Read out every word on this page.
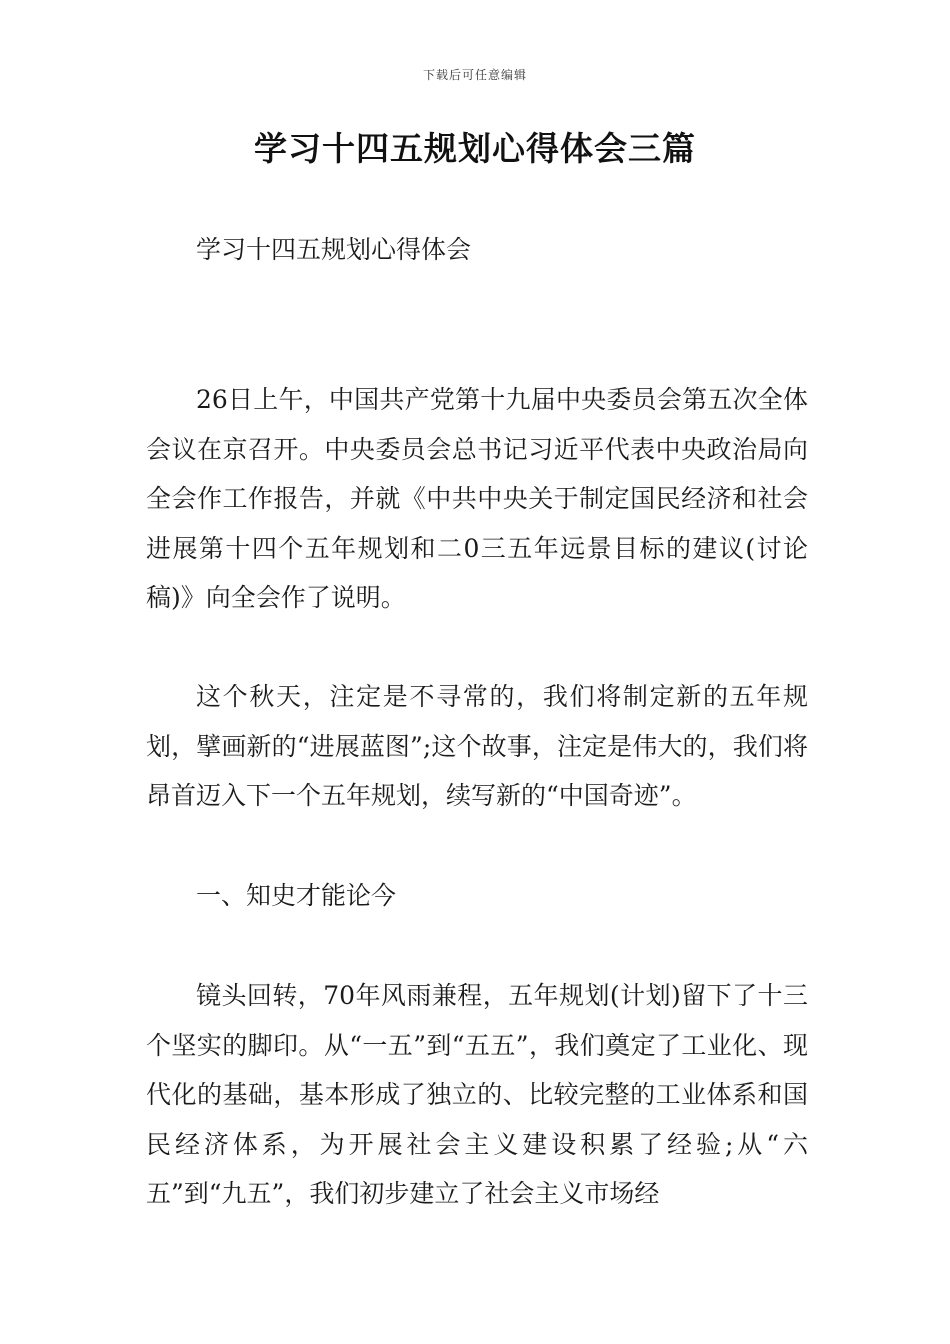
下载后可任意编辑
学习十四五规划心得体会三篇

学习十四五规划心得体会

26日上午，中国共产党第十九届中央委员会第五次全体会议在京召开。中央委员会总书记习近平代表中央政治局向全会作工作报告，并就《中共中央关于制定国民经济和社会进展第十四个五年规划和二0三五年远景目标的建议(讨论稿)》向全会作了说明。

这个秋天，注定是不寻常的，我们将制定新的五年规划，擘画新的“进展蓝图”;这个故事，注定是伟大的，我们将昂首迈入下一个五年规划，续写新的“中国奇迹”。

一、知史才能论今

镜头回转，70年风雨兼程，五年规划(计划)留下了十三个坚实的脚印。从“一五”到“五五”，我们奠定了工业化、现代化的基础，基本形成了独立的、比较完整的工业体系和国民经济体系，为开展社会主义建设积累了经验;从“六五”到“九五”，我们初步建立了社会主义市场经
